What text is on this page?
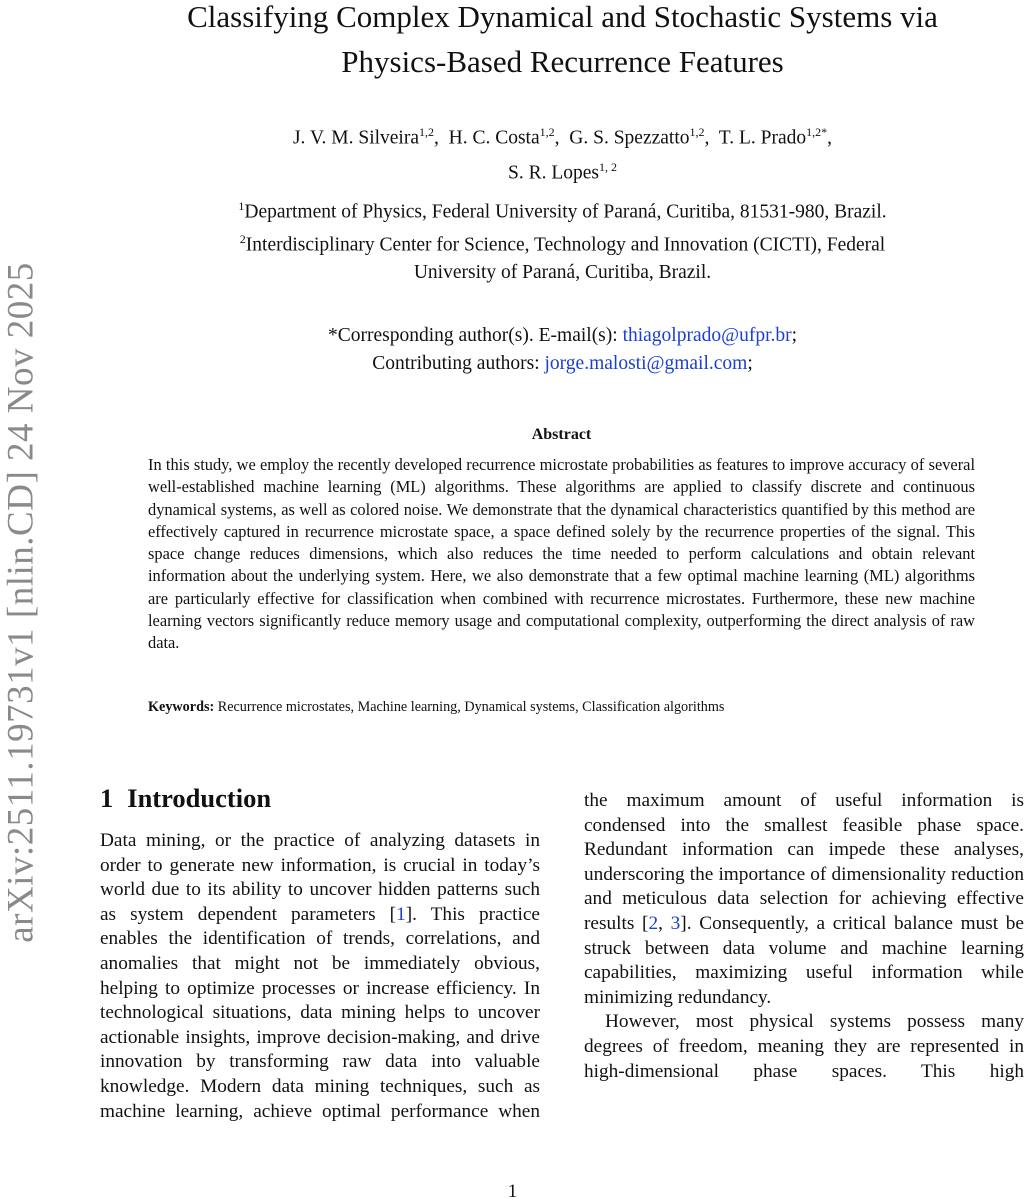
arXiv:2511.19731v1 [nlin.CD] 24 Nov 2025
Classifying Complex Dynamical and Stochastic Systems via
Physics-Based Recurrence Features
J. V. M. Silveira$^{1,2}$, H. C. Costa$^{1,2}$, G. S. Spezzatto$^{1,2}$, T. L. Prado$^{1,2*}$,
S. R. Lopes$^{1, 2}$
$^1$Department of Physics, Federal University of Paraná, Curitiba, 81531-980, Brazil.
$^2$Interdisciplinary Center for Science, Technology and Innovation (CICTI), Federal
University of Paraná, Curitiba, Brazil.
*Corresponding author(s). E-mail(s): thiagolprado@ufpr.br;
Contributing authors: jorge.malosti@gmail.com;
Abstract
In this study, we employ the recently developed recurrence microstate probabilities as features to improve accuracy of several well-established machine learning (ML) algorithms. These algorithms are applied to classify discrete and continuous dynamical systems, as well as colored noise. We demonstrate that the dynamical characteristics quantified by this method are effectively captured in recurrence microstate space, a space defined solely by the recurrence properties of the signal. This space change reduces dimensions, which also reduces the time needed to perform calculations and obtain relevant information about the underlying system. Here, we also demonstrate that a few optimal machine learning (ML) algorithms are particularly effective for classification when combined with recurrence microstates. Furthermore, these new machine learning vectors significantly reduce memory usage and computational complexity, outperforming the direct analysis of raw data.
Keywords: Recurrence microstates, Machine learning, Dynamical systems, Classification algorithms
1 Introduction

Data mining, or the practice of analyzing datasets in order to generate new information, is crucial in today’s world due to its ability to uncover hidden patterns such as system dependent parameters [1]. This practice enables the identification of trends, correlations, and anomalies that might not be immediately obvious, helping to optimize processes or increase efficiency. In technological situations, data mining helps to uncover actionable insights, improve decision-making, and drive innovation by transforming raw data into valuable knowledge. Modern data mining techniques, such as machine learning, achieve optimal performance when

the maximum amount of useful information is condensed into the smallest feasible phase space. Redundant information can impede these analyses, underscoring the importance of dimensionality reduction and meticulous data selection for achieving effective results [2, 3]. Consequently, a critical balance must be struck between data volume and machine learning capabilities, maximizing useful information while minimizing redundancy.

However, most physical systems possess many degrees of freedom, meaning they are represented in high-dimensional phase spaces. This high

1
